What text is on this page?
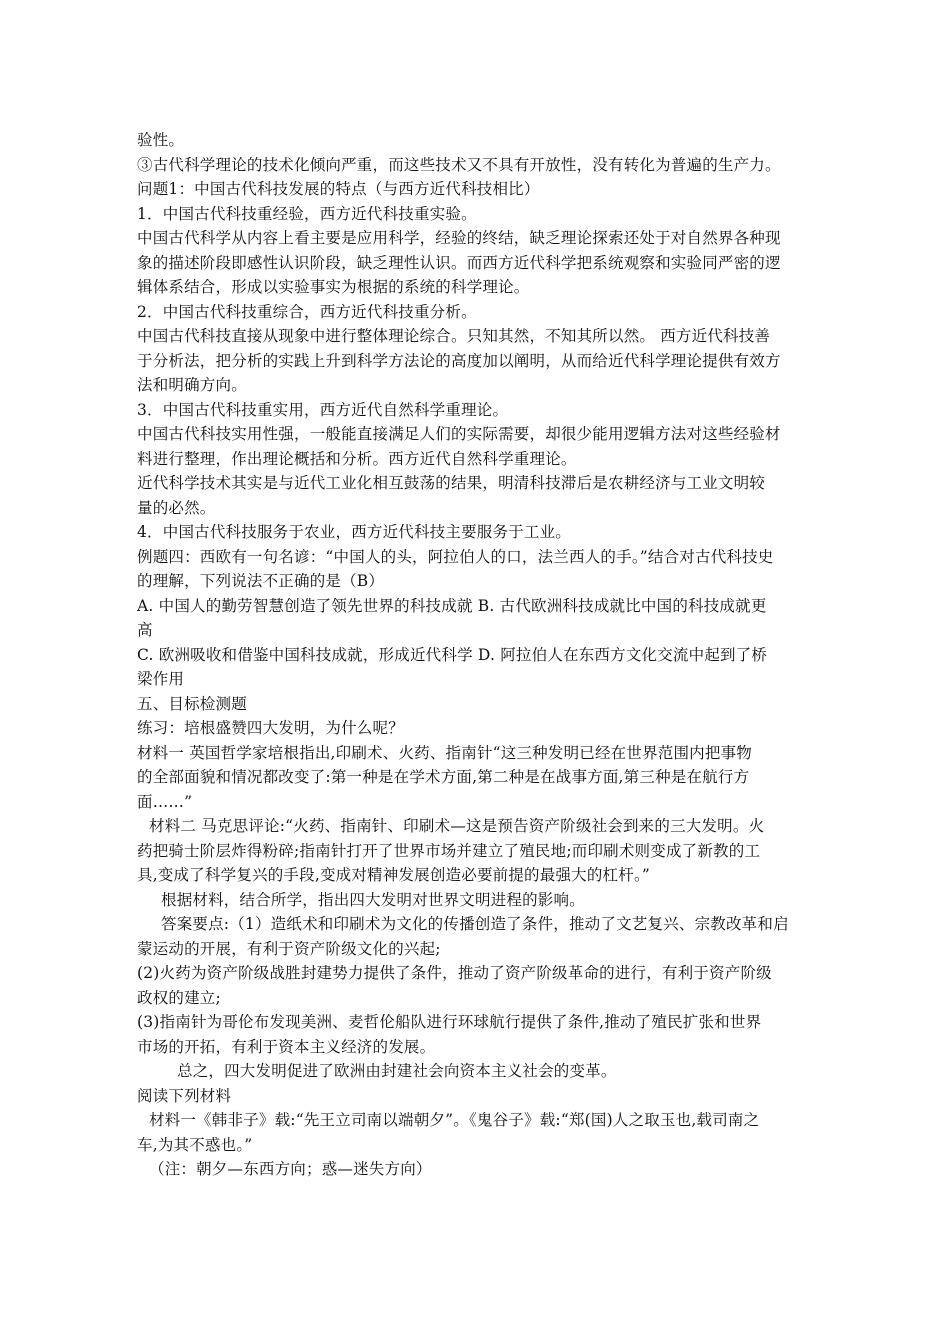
验性。
③古代科学理论的技术化倾向严重，而这些技术又不具有开放性，没有转化为普遍的生产力。
问题1：中国古代科技发展的特点（与西方近代科技相比）
1．中国古代科技重经验，西方近代科技重实验。
中国古代科学从内容上看主要是应用科学，经验的终结，缺乏理论探索还处于对自然界各种现
象的描述阶段即感性认识阶段，缺乏理性认识。而西方近代科学把系统观察和实验同严密的逻
辑体系结合，形成以实验事实为根据的系统的科学理论。
2．中国古代科技重综合，西方近代科技重分析。
中国古代科技直接从现象中进行整体理论综合。只知其然，不知其所以然。 西方近代科技善
于分析法，把分析的实践上升到科学方法论的高度加以阐明，从而给近代科学理论提供有效方
法和明确方向。
3．中国古代科技重实用，西方近代自然科学重理论。
中国古代科技实用性强，一般能直接满足人们的实际需要，却很少能用逻辑方法对这些经验材
料进行整理，作出理论概括和分析。西方近代自然科学重理论。
近代科学技术其实是与近代工业化相互鼓荡的结果，明清科技滞后是农耕经济与工业文明较
量的必然。
4．中国古代科技服务于农业，西方近代科技主要服务于工业。
例题四：西欧有一句名谚：“中国人的头，阿拉伯人的口，法兰西人的手。”结合对古代科技史
的理解，下列说法不正确的是（B）
A. 中国人的勤劳智慧创造了领先世界的科技成就 B. 古代欧洲科技成就比中国的科技成就更
高
C. 欧洲吸收和借鉴中国科技成就，形成近代科学 D. 阿拉伯人在东西方文化交流中起到了桥
梁作用
五、目标检测题
练习：培根盛赞四大发明，为什么呢？
材料一 英国哲学家培根指出,印刷术、火药、指南针“这三种发明已经在世界范围内把事物
的全部面貌和情况都改变了:第一种是在学术方面,第二种是在战事方面,第三种是在航行方
面……”
材料二 马克思评论:“火药、指南针、印刷术—这是预告资产阶级社会到来的三大发明。火
药把骑士阶层炸得粉碎;指南针打开了世界市场并建立了殖民地;而印刷术则变成了新教的工
具,变成了科学复兴的手段,变成对精神发展创造必要前提的最强大的杠杆。”
根据材料，结合所学，指出四大发明对世界文明进程的影响。
答案要点:（1）造纸术和印刷术为文化的传播创造了条件，推动了文艺复兴、宗教改革和启
蒙运动的开展，有利于资产阶级文化的兴起;
(2)火药为资产阶级战胜封建势力提供了条件，推动了资产阶级革命的进行，有利于资产阶级
政权的建立;
(3)指南针为哥伦布发现美洲、麦哲伦船队进行环球航行提供了条件,推动了殖民扩张和世界
市场的开拓，有利于资本主义经济的发展。
总之，四大发明促进了欧洲由封建社会向资本主义社会的变革。
阅读下列材料
材料一《韩非子》载:“先王立司南以端朝夕”。《鬼谷子》载:“郑(国)人之取玉也,载司南之
车,为其不惑也。”
（注：朝夕—东西方向；惑—迷失方向）
